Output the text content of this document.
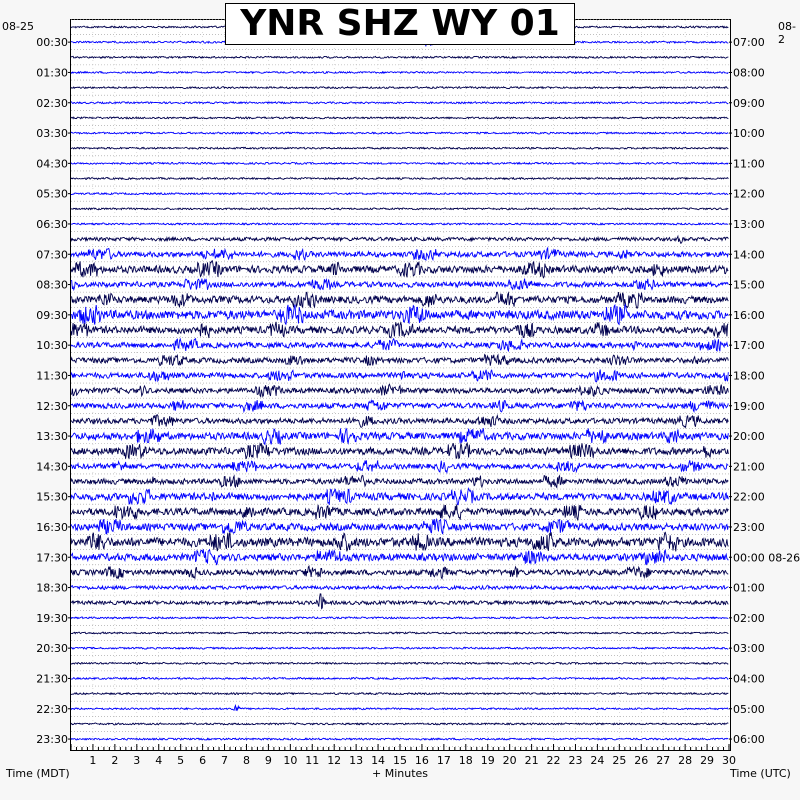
00:30
01:30
02:30
03:30
04:30
05:30
06:30
07:30
08:30
09:30
10:30
11:30
12:30
13:30
14:30
15:30
16:30
17:30
18:30
19:30
20:30
21:30
22:30
23:30
07:00
08:00
09:00
10:00
11:00
12:00
13:00
14:00
15:00
16:00
17:00
18:00
19:00
20:00
21:00
22:00
23:00
00:00 08-26
01:00
02:00
03:00
04:00
05:00
06:00
1 2 3 4 5 6 7 8 9 10 11 12 13 14 15 16 17 18 19 20 21 22 23 24 25 26 27 28 29 30
YNR SHZ WY 01
08-25	08-2
Time (MDT)	+ Minutes	Time (UTC)
